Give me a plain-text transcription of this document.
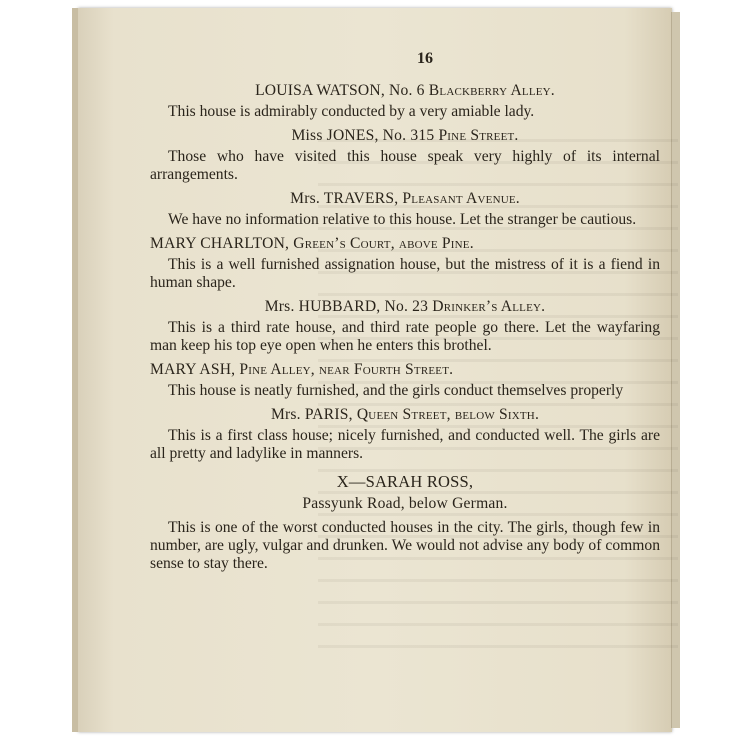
16
LOUISA WATSON, No. 6 Blackberry Alley.

This house is admirably conducted by a very amiable lady.

Miss JONES, No. 315 Pine Street.

Those who have visited this house speak very highly of its internal arrangements.

Mrs. TRAVERS, Pleasant Avenue.

We have no information relative to this house. Let the stranger be cautious.

MARY CHARLTON, Green’s Court, above Pine.

This is a well furnished assignation house, but the mistress of it is a fiend in human shape.

Mrs. HUBBARD, No. 23 Drinker’s Alley.

This is a third rate house, and third rate people go there. Let the wayfaring man keep his top eye open when he enters this brothel.

MARY ASH, Pine Alley, near Fourth Street.

This house is neatly furnished, and the girls conduct themselves properly

Mrs. PARIS, Queen Street, below Sixth.

This is a first class house; nicely furnished, and conducted well. The girls are all pretty and ladylike in manners.

X—SARAH ROSS,
Passyunk Road, below German.

This is one of the worst conducted houses in the city. The girls, though few in number, are ugly, vulgar and drunken. We would not advise any body of common sense to stay there.
